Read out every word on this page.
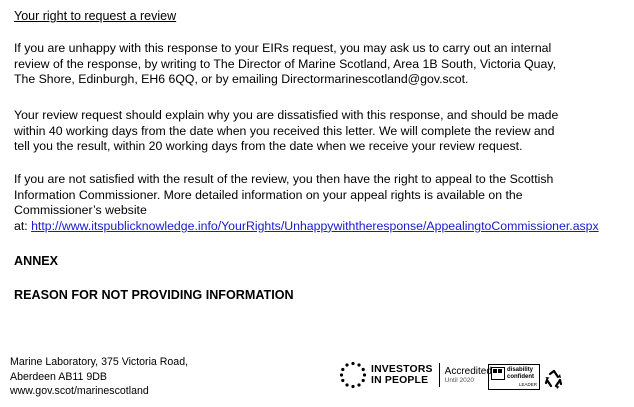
Your right to request a review
If you are unhappy with this response to your EIRs request, you may ask us to carry out an internal
review of the response, by writing to The Director of Marine Scotland, Area 1B South, Victoria Quay,
The Shore, Edinburgh, EH6 6QQ, or by emailing Directormarinescotland@gov.scot.
Your review request should explain why you are dissatisfied with this response, and should be made
within 40 working days from the date when you received this letter. We will complete the review and
tell you the result, within 20 working days from the date when we receive your review request.
If you are not satisfied with the result of the review, you then have the right to appeal to the Scottish
Information Commissioner. More detailed information on your appeal rights is available on the
Commissioner’s website
at: http://www.itspublicknowledge.info/YourRights/Unhappywiththeresponse/AppealingtoCommissioner.aspx
ANNEX
REASON FOR NOT PROVIDING INFORMATION
Marine Laboratory, 375 Victoria Road,
Aberdeen AB11 9DB
www.gov.scot/marinescotland
INVESTORS
IN PEOPLE
Accredited
Until 2020
disability
confident
LEADER
